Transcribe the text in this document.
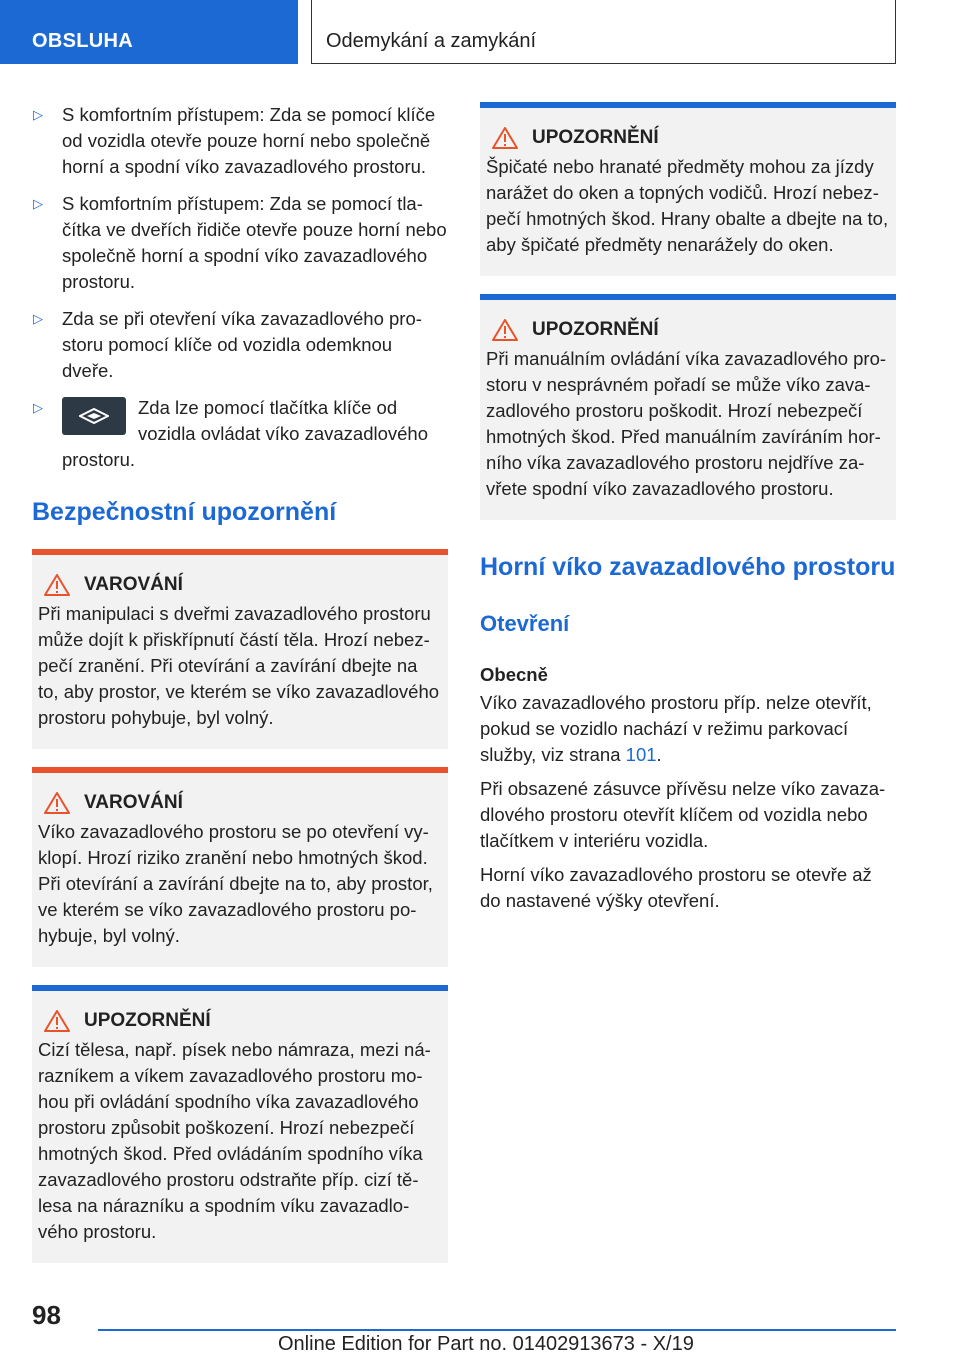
OBSLUHA	Odemykání a zamykání
▷ S komfortním přístupem: Zda se pomocí klíče od vozidla otevře pouze horní nebo společně horní a spodní víko zavazadlového prostoru.
▷ S komfortním přístupem: Zda se pomocí tlačítka ve dveřích řidiče otevře pouze horní nebo společně horní a spodní víko zavazadlového prostoru.
▷ Zda se při otevření víka zavazadlového prostoru pomocí klíče od vozidla odemknou dveře.
▷	Zda lze pomocí tlačítka klíče od vozidla ovládat víko zavazadlového prostoru.
Bezpečnostní upozornění
VAROVÁNÍ
Při manipulaci s dveřmi zavazadlového prostoru může dojít k přiskřípnutí částí těla. Hrozí nebezpečí zranění. Při otevírání a zavírání dbejte na to, aby prostor, ve kterém se víko zavazadlového prostoru pohybuje, byl volný.
VAROVÁNÍ
Víko zavazadlového prostoru se po otevření vyklopí. Hrozí riziko zranění nebo hmotných škod. Při otevírání a zavírání dbejte na to, aby prostor, ve kterém se víko zavazadlového prostoru pohybuje, byl volný.
UPOZORNĚNÍ
Cizí tělesa, např. písek nebo námraza, mezi nárazníkem a víkem zavazadlového prostoru mohou při ovládání spodního víka zavazadlového prostoru způsobit poškození. Hrozí nebezpečí hmotných škod. Před ovládáním spodního víka zavazadlového prostoru odstraňte příp. cizí tělesa na nárazníku a spodním víku zavazadlového prostoru.
UPOZORNĚNÍ
Špičaté nebo hranaté předměty mohou za jízdy narážet do oken a topných vodičů. Hrozí nebezpečí hmotných škod. Hrany obalte a dbejte na to, aby špičaté předměty nenarážely do oken.
UPOZORNĚNÍ
Při manuálním ovládání víka zavazadlového prostoru v nesprávném pořadí se může víko zavazadlového prostoru poškodit. Hrozí nebezpečí hmotných škod. Před manuálním zavíráním horního víka zavazadlového prostoru nejdříve zavřete spodní víko zavazadlového prostoru.
Horní víko zavazadlového prostoru
Otevření
Obecně

Víko zavazadlového prostoru příp. nelze otevřít, pokud se vozidlo nachází v režimu parkovací služby, viz strana 101.

Při obsazené zásuvce přívěsu nelze víko zavazadlového prostoru otevřít klíčem od vozidla nebo tlačítkem v interiéru vozidla.

Horní víko zavazadlového prostoru se otevře až do nastavené výšky otevření.

98
Online Edition for Part no. 01402913673 - X/19
